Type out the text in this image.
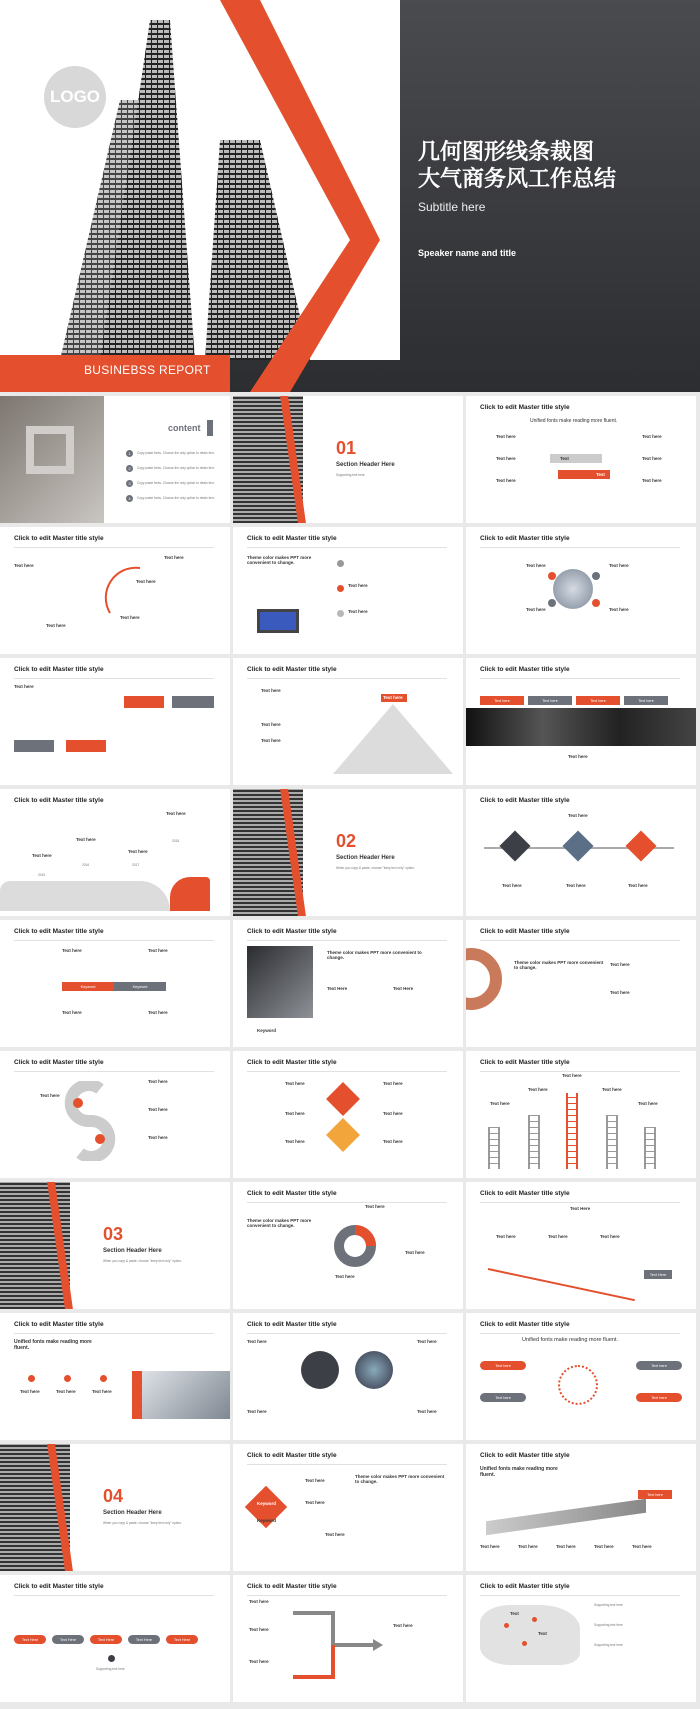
LOGO
几何图形线条裁图
大气商务风工作总结
Subtitle here
Speaker name and title
BUSINEBSS REPORT
content
1	Copy paste fonts. Choose the only option to retain text.
2	Copy paste fonts. Choose the only option to retain text.
3	Copy paste fonts. Choose the only option to retain text.
4	Copy paste fonts. Choose the only option to retain text.
01
Section Header Here
Supporting text here
Click to edit Master title style
Unified fonts make reading more fluent.
Text here
Text here
Text here
Text here
Text here
Text here
Text
Text
Click to edit Master title style
Text here
Text here
Text here
Text here
Text here
Click to edit Master title style
Theme color makes PPT more convenient to change.
Text here
Text here
Click to edit Master title style
Text here	Text here
Text here	Text here
Click to edit Master title style
Text here
Click to edit Master title style
Text here
Text here
Text here
Text here
Click to edit Master title style
Text here	Text here	Text here	Text here
Text here
Click to edit Master title style
Text here
Text here
Text here
Text here
2015
2016	2017
2018	02
Section Header Here
When you copy & paste, choose "keep text only" option.
Click to edit Master title style
Text here
Text here	Text here	Text here
Click to edit Master title style
Text here	Text here
Keyword	Keyword
Text here	Text here
Click to edit Master title style
Keyword
Theme color makes PPT more convenient to change.
Text Here	Text Here
Click to edit Master title style
Theme color makes PPT more convenient to change.
Text here
Text here
Click to edit Master title style
Text here
Text here
Text here
Text here
Click to edit Master title style
Text here
Text here
Text here
Text here
Text here
Text here
Click to edit Master title style
Text here
Text here
Text here	Text here
Text here
03
Section Header Here
When you copy & paste, choose "keep text only" option.
Click to edit Master title style
Theme color makes PPT more convenient to change.
Text here
Text here
Text here
Click to edit Master title style
Text Here
Text here	Text here	Text here
Text Here
Click to edit Master title style
Unified fonts make reading more fluent.
Text here	Text here	Text here
Click to edit Master title style
Text here	Text here
Text here	Text here
Click to edit Master title style
Unified fonts make reading more fluent.
Text here
Text here
Text here
Text here
04
Section Header Here
When you copy & paste, choose "keep text only" option.
Click to edit Master title style
Keyword
Keyword
Text here
Text here
Text here
Theme color makes PPT more convenient to change.
Click to edit Master title style
Unified fonts make reading more fluent.
Text here
Text here	Text here	Text here	Text here	Text here
Click to edit Master title style
Text Here	Text Here	Text Here	Text Here	Text Here
Supporting text here
Click to edit Master title style
Text here
Text here
Text here
Text here
Click to edit Master title style
Text
Text
Supporting text here
Supporting text here
Supporting text here
